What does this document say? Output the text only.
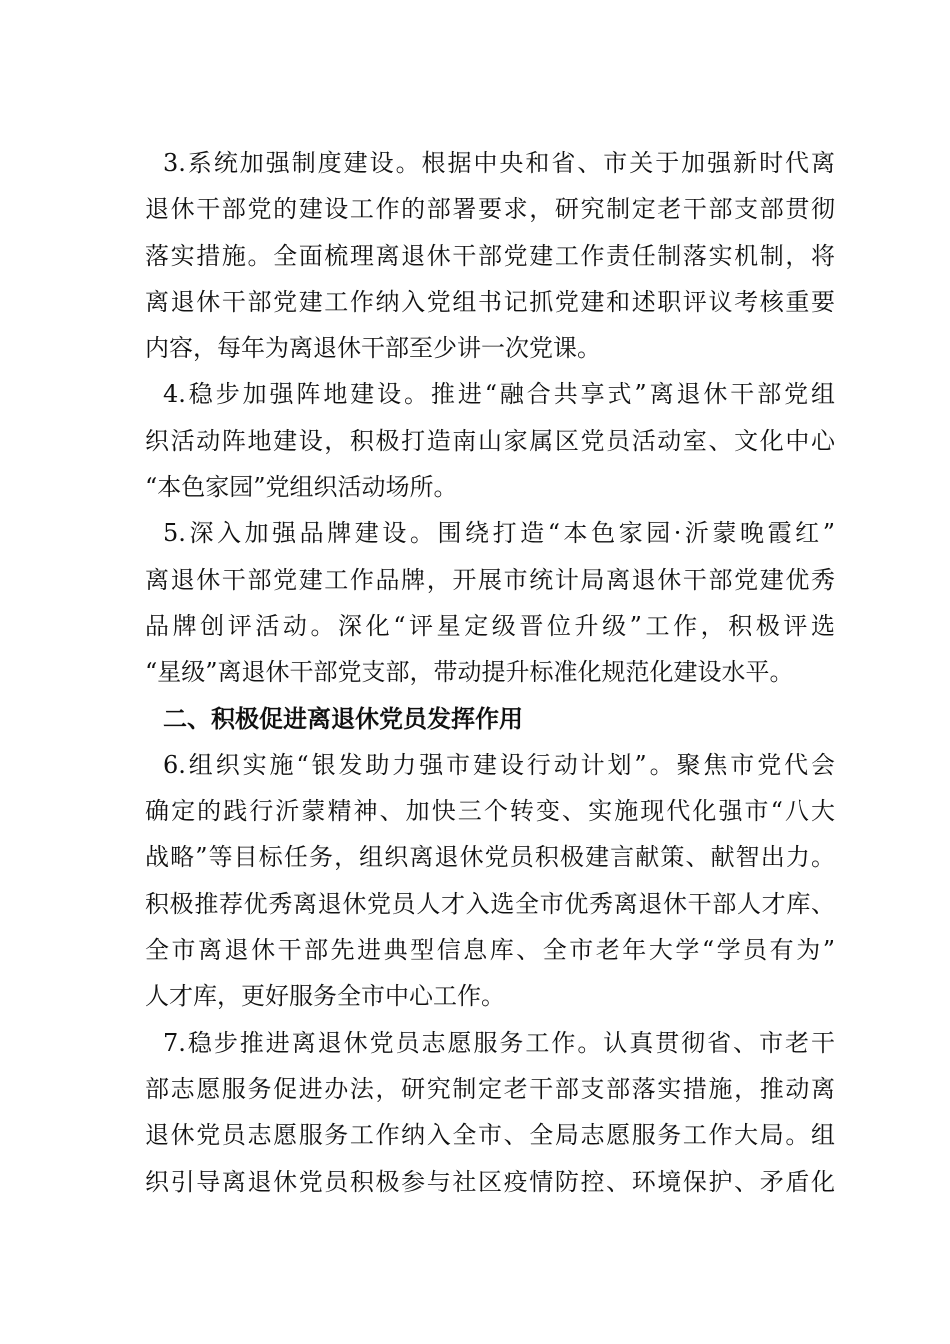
3.系统加强制度建设。根据中央和省、市关于加强新时代离
退休干部党的建设工作的部署要求，研究制定老干部支部贯彻
落实措施。全面梳理离退休干部党建工作责任制落实机制，将
离退休干部党建工作纳入党组书记抓党建和述职评议考核重要
内容，每年为离退休干部至少讲一次党课。
4.稳步加强阵地建设。推进“融合共享式”离退休干部党组
织活动阵地建设，积极打造南山家属区党员活动室、文化中心
“本色家园”党组织活动场所。
5.深入加强品牌建设。围绕打造“本色家园·沂蒙晚霞红”
离退休干部党建工作品牌，开展市统计局离退休干部党建优秀
品牌创评活动。深化“评星定级晋位升级”工作，积极评选
“星级”离退休干部党支部，带动提升标准化规范化建设水平。
二、积极促进离退休党员发挥作用
6.组织实施“银发助力强市建设行动计划”。聚焦市党代会
确定的践行沂蒙精神、加快三个转变、实施现代化强市“八大
战略”等目标任务，组织离退休党员积极建言献策、献智出力。
积极推荐优秀离退休党员人才入选全市优秀离退休干部人才库、
全市离退休干部先进典型信息库、全市老年大学“学员有为”
人才库，更好服务全市中心工作。
7.稳步推进离退休党员志愿服务工作。认真贯彻省、市老干
部志愿服务促进办法，研究制定老干部支部落实措施，推动离
退休党员志愿服务工作纳入全市、全局志愿服务工作大局。组
织引导离退休党员积极参与社区疫情防控、环境保护、矛盾化
